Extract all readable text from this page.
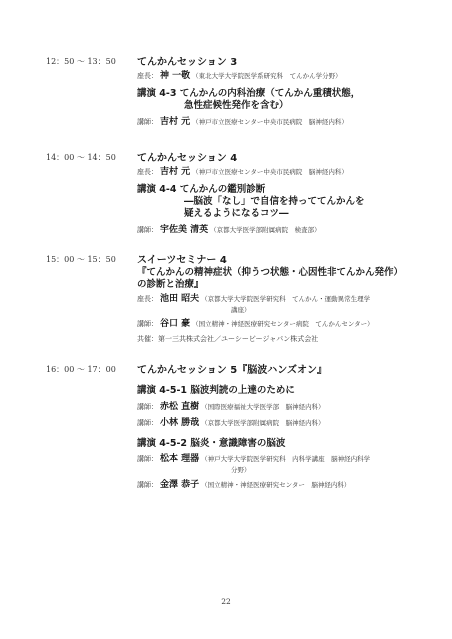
12：50 ～ 13：50 てんかんセッション 3
座長： 神 一敬 （東北大学大学院医学系研究科　てんかん学分野）
講演 4-3 てんかんの内科治療（てんかん重積状態，
急性症候性発作を含む）
講師： 吉村 元 （神戸市立医療センター中央市民病院　脳神経内科）
14：00 ～ 14：50 てんかんセッション 4
座長： 吉村 元 （神戸市立医療センター中央市民病院　脳神経内科）
講演 4-4 てんかんの鑑別診断
―脳波「なし」で自信を持っててんかんを
疑えるようになるコツ―
講師： 宇佐美 清英 （京都大学医学部附属病院　検査部）
15：00 ～ 15：50 スイーツセミナー 4
『てんかんの精神症状（抑うつ状態・心因性非てんかん発作）
の診断と治療』
座長： 池田 昭夫 （京都大学大学院医学研究科　てんかん・運動異常生理学
講座）
講師： 谷口 豪 （国立精神・神経医療研究センター病院　てんかんセンター）
共催：第一三共株式会社／ユーシービージャパン株式会社
16：00 ～ 17：00 てんかんセッション 5『脳波ハンズオン』
講演 4-5-1 脳波判読の上達のために
講師： 赤松 直樹 （国際医療福祉大学医学部　脳神経内科）
講師： 小林 勝哉 （京都大学医学部附属病院　脳神経内科）
講演 4-5-2 脳炎・意識障害の脳波
講師： 松本 理器 （神戸大学大学院医学研究科　内科学講座　脳神経内科学
分野）
講師： 金澤 恭子 （国立精神・神経医療研究センター　脳神経内科）
22
